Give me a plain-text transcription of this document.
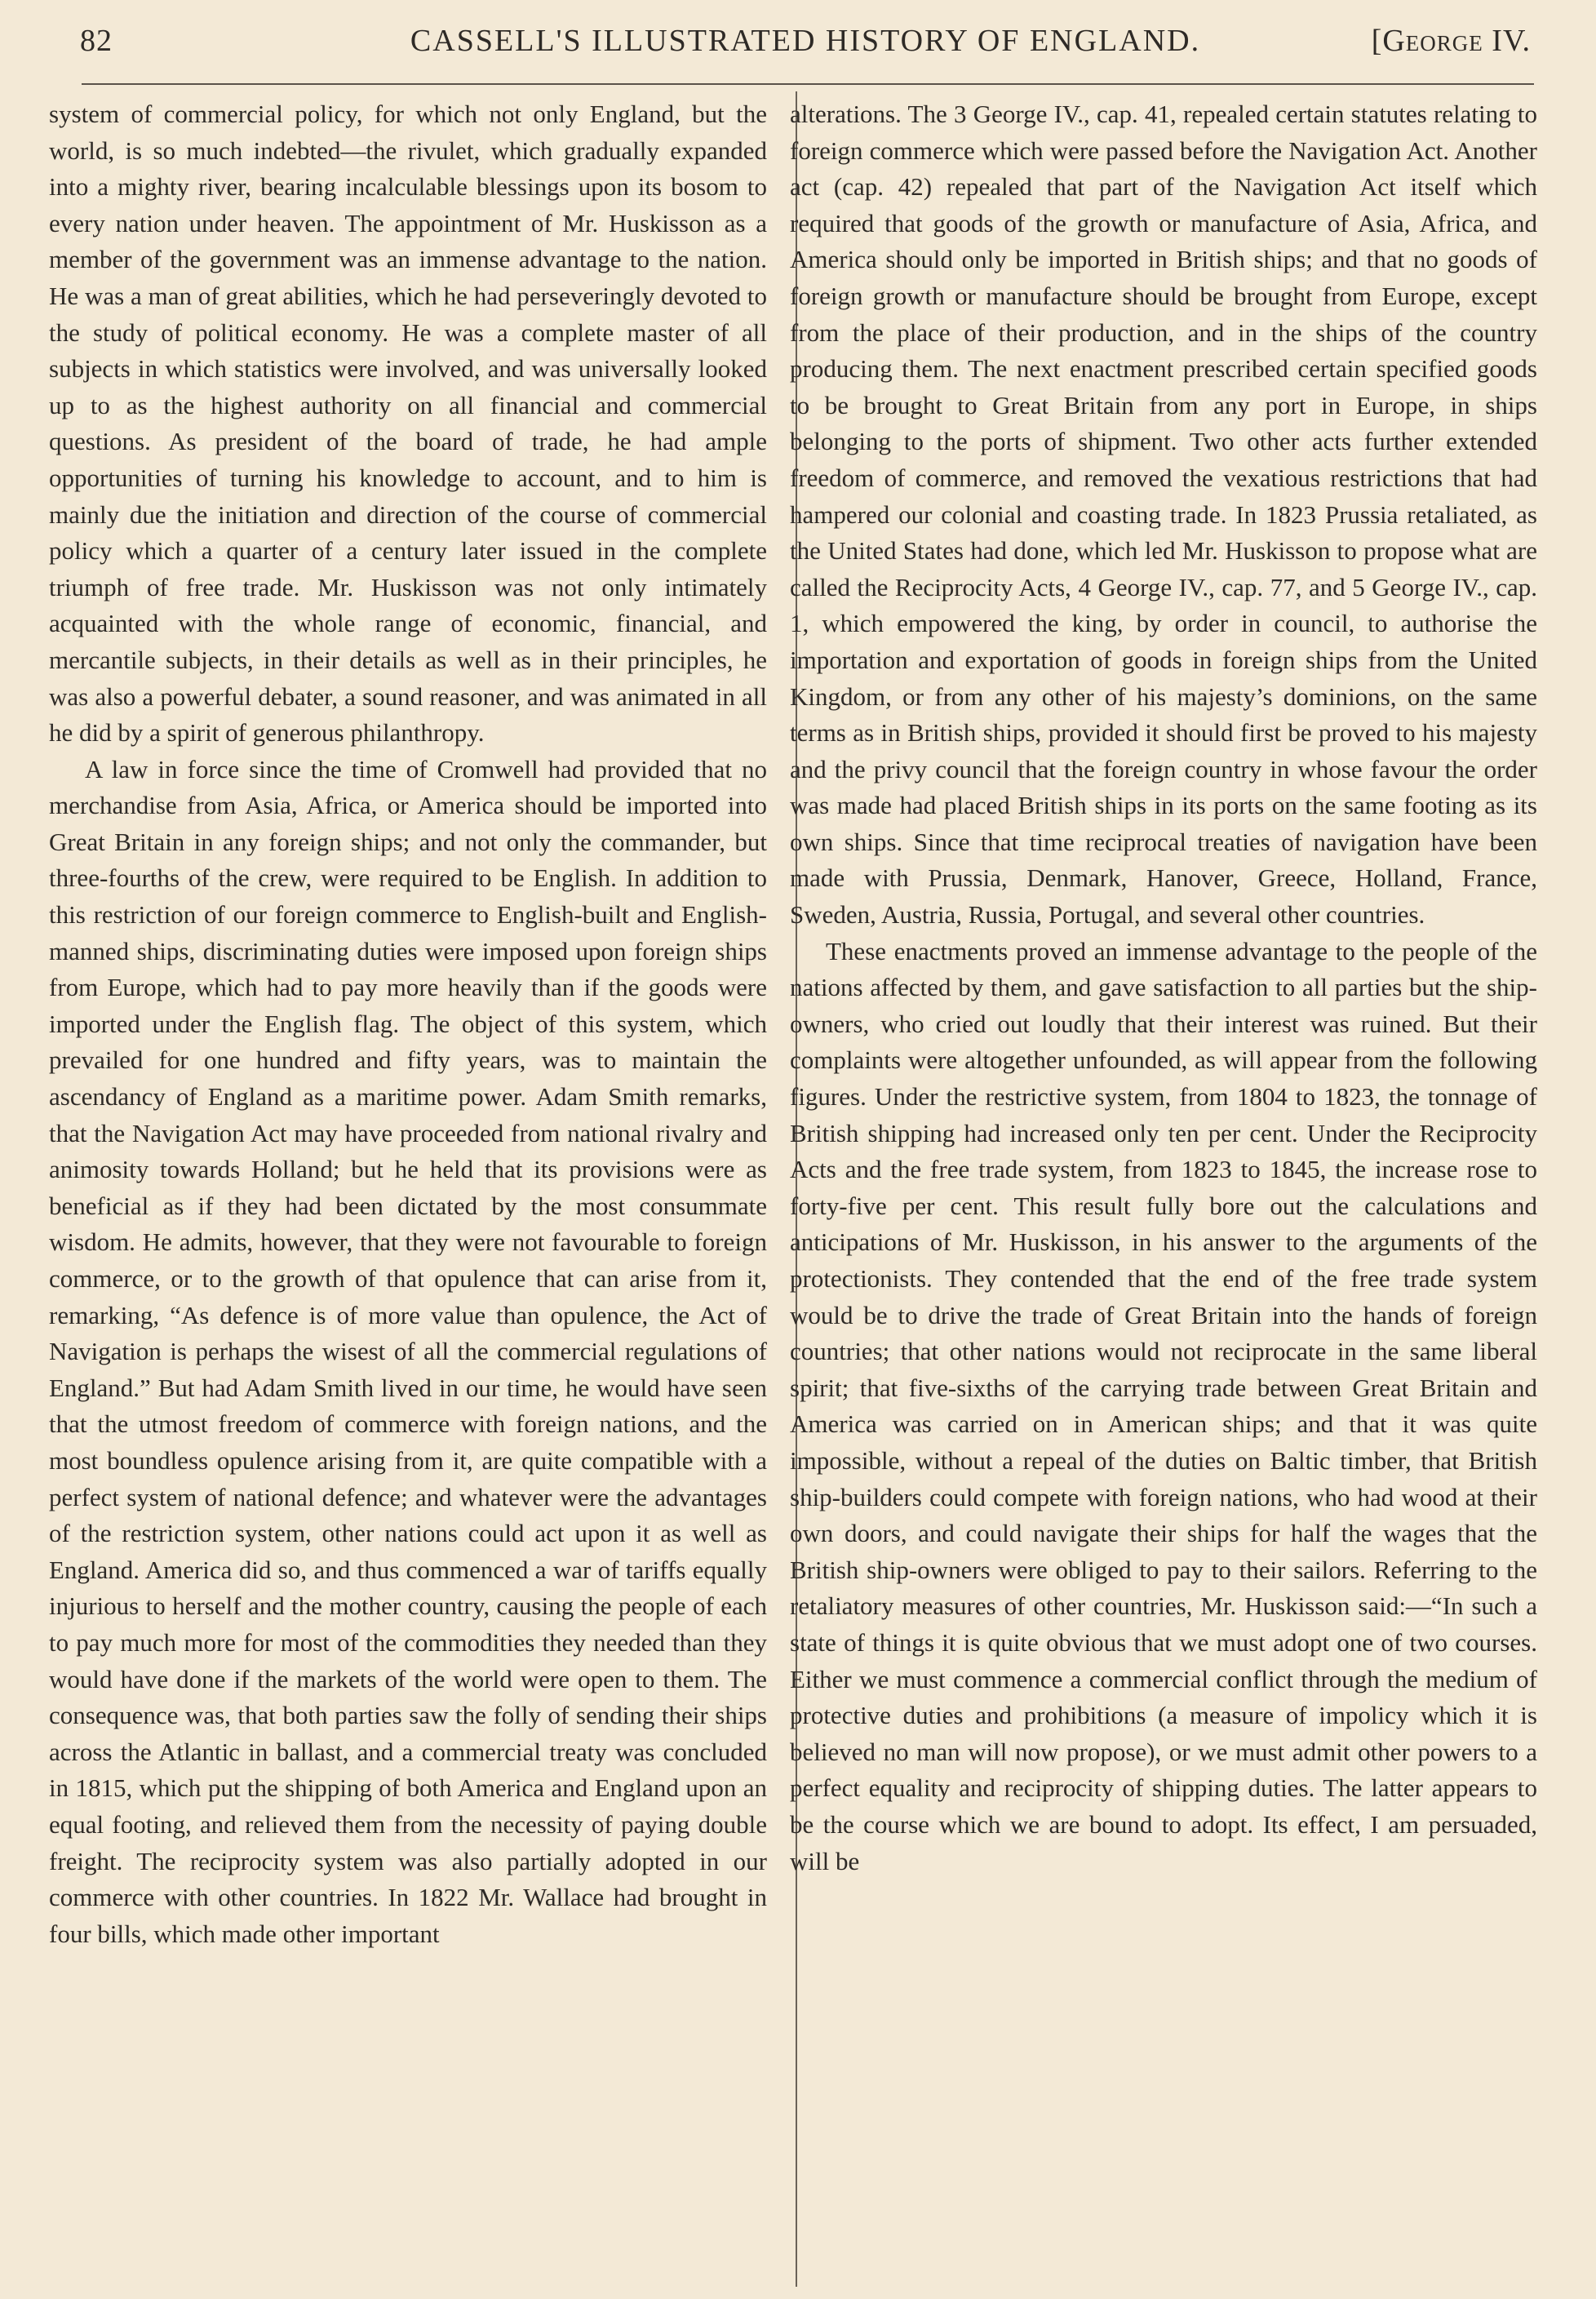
82	CASSELL'S ILLUSTRATED HISTORY OF ENGLAND.	[George IV.

system of commercial policy, for which not only England, but the world, is so much indebted—the rivulet, which gradually expanded into a mighty river, bearing incalculable blessings upon its bosom to every nation under heaven. The appointment of Mr. Huskisson as a member of the government was an immense advantage to the nation. He was a man of great abilities, which he had perseveringly devoted to the study of political economy. He was a complete master of all subjects in which statistics were involved, and was universally looked up to as the highest authority on all financial and commercial questions. As president of the board of trade, he had ample opportunities of turning his knowledge to account, and to him is mainly due the initiation and direction of the course of commercial policy which a quarter of a century later issued in the complete triumph of free trade. Mr. Huskisson was not only intimately acquainted with the whole range of economic, financial, and mercantile subjects, in their details as well as in their principles, he was also a powerful debater, a sound reasoner, and was animated in all he did by a spirit of generous philanthropy.

A law in force since the time of Cromwell had provided that no merchandise from Asia, Africa, or America should be imported into Great Britain in any foreign ships; and not only the commander, but three-fourths of the crew, were required to be English. In addition to this restriction of our foreign commerce to English-built and English-manned ships, discriminating duties were imposed upon foreign ships from Europe, which had to pay more heavily than if the goods were imported under the English flag. The object of this system, which prevailed for one hundred and fifty years, was to maintain the ascendancy of England as a maritime power. Adam Smith remarks, that the Navigation Act may have proceeded from national rivalry and animosity towards Holland; but he held that its provisions were as beneficial as if they had been dictated by the most consummate wisdom. He admits, however, that they were not favourable to foreign commerce, or to the growth of that opulence that can arise from it, remarking, “As defence is of more value than opulence, the Act of Navigation is perhaps the wisest of all the commercial regulations of England.” But had Adam Smith lived in our time, he would have seen that the utmost freedom of commerce with foreign nations, and the most boundless opulence arising from it, are quite compatible with a perfect system of national defence; and whatever were the advantages of the restriction system, other nations could act upon it as well as England. America did so, and thus commenced a war of tariffs equally injurious to herself and the mother country, causing the people of each to pay much more for most of the commodities they needed than they would have done if the markets of the world were open to them. The consequence was, that both parties saw the folly of sending their ships across the Atlantic in ballast, and a commercial treaty was concluded in 1815, which put the shipping of both America and England upon an equal footing, and relieved them from the necessity of paying double freight. The reciprocity system was also partially adopted in our commerce with other countries. In 1822 Mr. Wallace had brought in four bills, which made other important

alterations. The 3 George IV., cap. 41, repealed certain statutes relating to foreign commerce which were passed before the Navigation Act. Another act (cap. 42) repealed that part of the Navigation Act itself which required that goods of the growth or manufacture of Asia, Africa, and America should only be imported in British ships; and that no goods of foreign growth or manufacture should be brought from Europe, except from the place of their production, and in the ships of the country producing them. The next enactment prescribed certain specified goods to be brought to Great Britain from any port in Europe, in ships belonging to the ports of shipment. Two other acts further extended freedom of commerce, and removed the vexatious restrictions that had hampered our colonial and coasting trade. In 1823 Prussia retaliated, as the United States had done, which led Mr. Huskisson to propose what are called the Reciprocity Acts, 4 George IV., cap. 77, and 5 George IV., cap. 1, which empowered the king, by order in council, to authorise the importation and exportation of goods in foreign ships from the United Kingdom, or from any other of his majesty’s dominions, on the same terms as in British ships, provided it should first be proved to his majesty and the privy council that the foreign country in whose favour the order was made had placed British ships in its ports on the same footing as its own ships. Since that time reciprocal treaties of navigation have been made with Prussia, Denmark, Hanover, Greece, Holland, France, Sweden, Austria, Russia, Portugal, and several other countries.

These enactments proved an immense advantage to the people of the nations affected by them, and gave satisfaction to all parties but the ship-owners, who cried out loudly that their interest was ruined. But their complaints were altogether unfounded, as will appear from the following figures. Under the restrictive system, from 1804 to 1823, the tonnage of British shipping had increased only ten per cent. Under the Reciprocity Acts and the free trade system, from 1823 to 1845, the increase rose to forty-five per cent. This result fully bore out the calculations and anticipations of Mr. Huskisson, in his answer to the arguments of the protectionists. They contended that the end of the free trade system would be to drive the trade of Great Britain into the hands of foreign countries; that other nations would not reciprocate in the same liberal spirit; that five-sixths of the carrying trade between Great Britain and America was carried on in American ships; and that it was quite impossible, without a repeal of the duties on Baltic timber, that British ship-builders could compete with foreign nations, who had wood at their own doors, and could navigate their ships for half the wages that the British ship-owners were obliged to pay to their sailors. Referring to the retaliatory measures of other countries, Mr. Huskisson said:—“In such a state of things it is quite obvious that we must adopt one of two courses. Either we must commence a commercial conflict through the medium of protective duties and prohibitions (a measure of impolicy which it is believed no man will now propose), or we must admit other powers to a perfect equality and reciprocity of shipping duties. The latter appears to be the course which we are bound to adopt. Its effect, I am persuaded, will be
